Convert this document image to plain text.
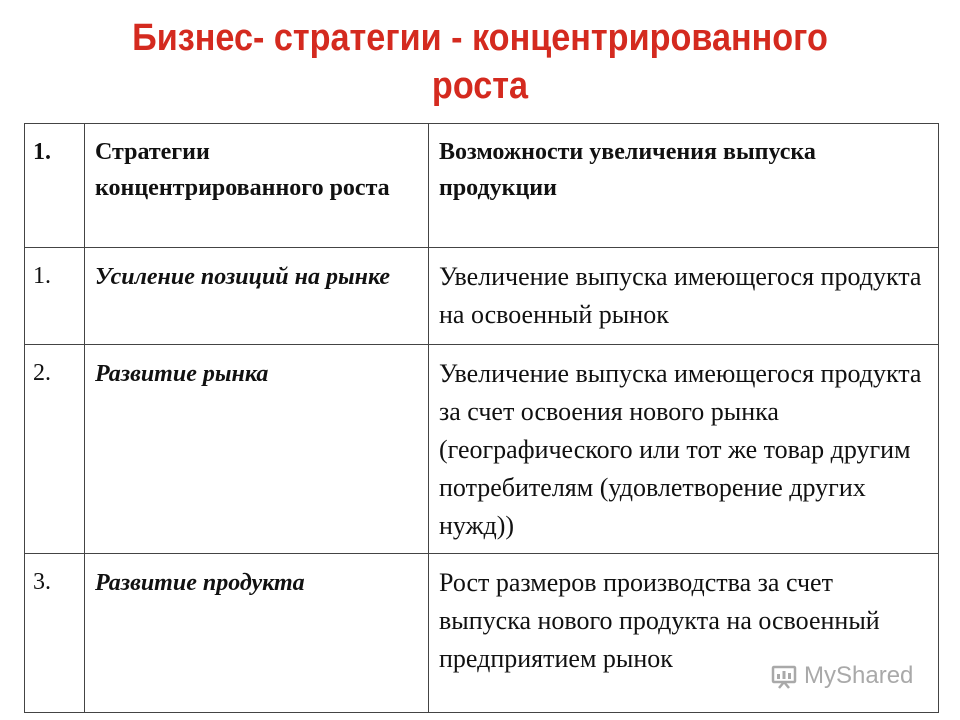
Бизнес- стратегии - концентрированного
роста
1.	Стратегии концентрированного роста	Возможности увеличения выпуска продукции
1.	Усиление позиций на рынке	Увеличение выпуска имеющегося продукта на освоенный рынок
2.	Развитие рынка	Увеличение выпуска имеющегося продукта за счет освоения нового рынка (географического или тот же товар другим потребителям (удовлетворение других нужд))
3.	Развитие продукта	Рост размеров производства за счет выпуска нового продукта на освоенный предприятием рынок
MyShared
